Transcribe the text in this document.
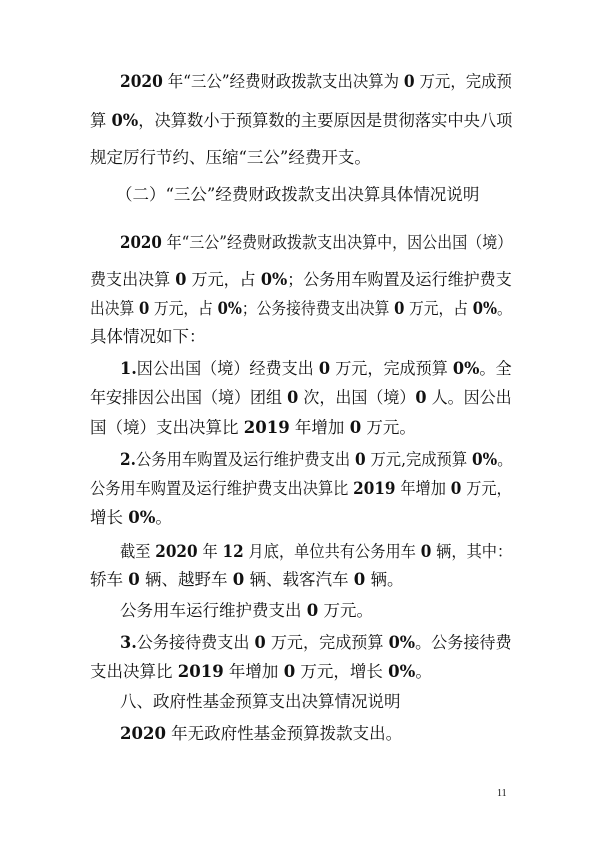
2020 年“三公”经费财政拨款支出决算为 0 万元，完成预

算 0%，决算数小于预算数的主要原因是贯彻落实中央八项

规定厉行节约、压缩“三公”经费开支。

（二）“三公”经费财政拨款支出决算具体情况说明

2020 年“三公”经费财政拨款支出决算中，因公出国（境）

费支出决算 0 万元，占 0%；公务用车购置及运行维护费支

出决算 0 万元，占 0%；公务接待费支出决算 0 万元，占 0%。

具体情况如下：

1.因公出国（境）经费支出 0 万元，完成预算 0%。全

年安排因公出国（境）团组 0 次，出国（境）0 人。因公出

国（境）支出决算比 2019 年增加 0 万元。

2.公务用车购置及运行维护费支出 0 万元,完成预算 0%。

公务用车购置及运行维护费支出决算比 2019 年增加 0 万元，

增长 0%。

截至 2020 年 12 月底，单位共有公务用车 0 辆，其中：

轿车 0 辆、越野车 0 辆、载客汽车 0 辆。

公务用车运行维护费支出 0 万元。

3.公务接待费支出 0 万元，完成预算 0%。公务接待费

支出决算比 2019 年增加 0 万元，增长 0%。

八、政府性基金预算支出决算情况说明

2020 年无政府性基金预算拨款支出。

11
